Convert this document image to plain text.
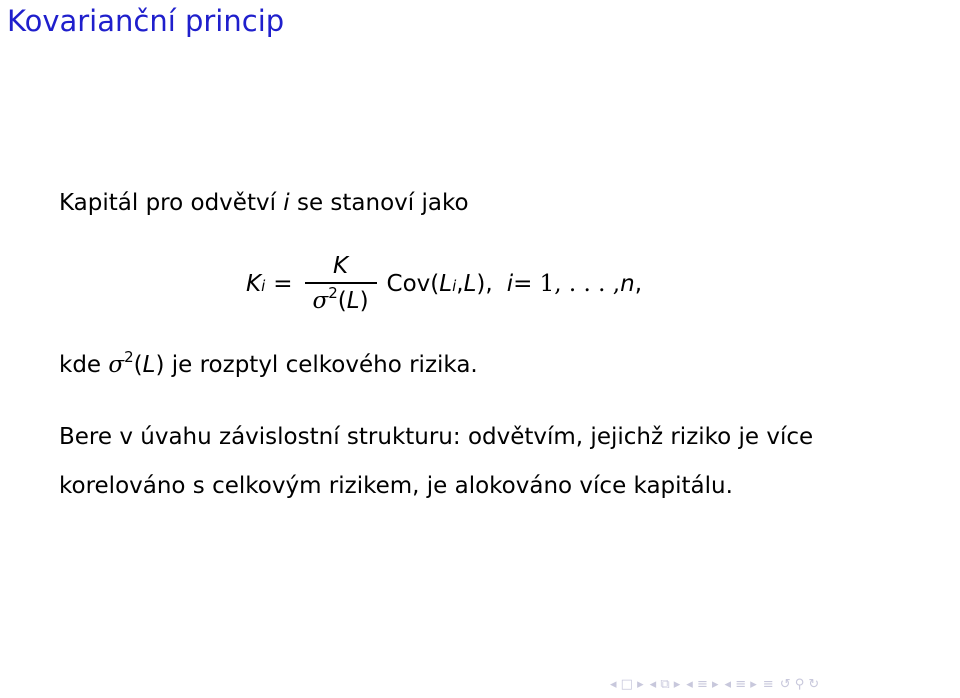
Kovarianční princip

Kapitál pro odvětví i se stanoví jako

$K_i = \frac{K}{\sigma^2(L)} Cov$( $L_i$ , L ), i = 1, . . . , n ,

kde $\sigma^2(L)$ je rozptyl celkového rizika.

Bere v úvahu závislostní strukturu: odvětvím, jejichž riziko je více

korelováno s celkovým rizikem, je alokováno více kapitálu.

◂ □ ▸ ◂ ⧉ ▸ ◂ ≡ ▸ ◂ ≡ ▸ ≡ ↺ ⚲ ↻
